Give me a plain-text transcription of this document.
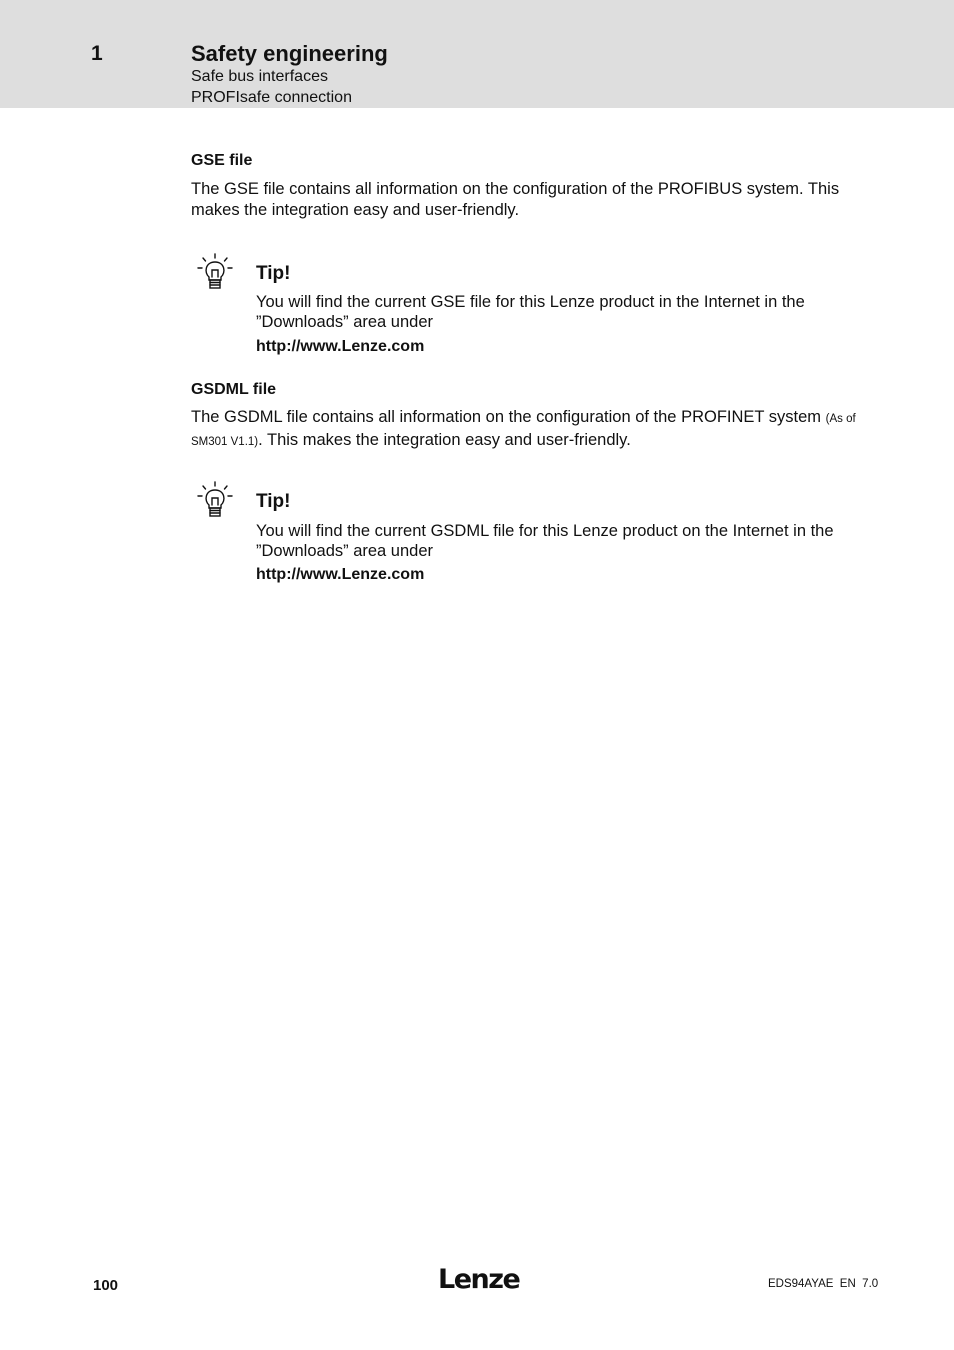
1	Safety engineering
Safe bus interfaces
PROFIsafe connection
GSE file

The GSE file contains all information on the configuration of the PROFIBUS system. This makes the integration easy and user-friendly.

Tip!

You will find the current GSE file for this Lenze product in the Internet in the ”Downloads” area under

http://www.Lenze.com
GSDML file

The GSDML file contains all information on the configuration of the PROFINET system (As of SM301 V1.1). This makes the integration easy and user-friendly.

Tip!

You will find the current GSDML file for this Lenze product on the Internet in the ”Downloads” area under

http://www.Lenze.com
100	Lenze	EDS94AYAE  EN  7.0
